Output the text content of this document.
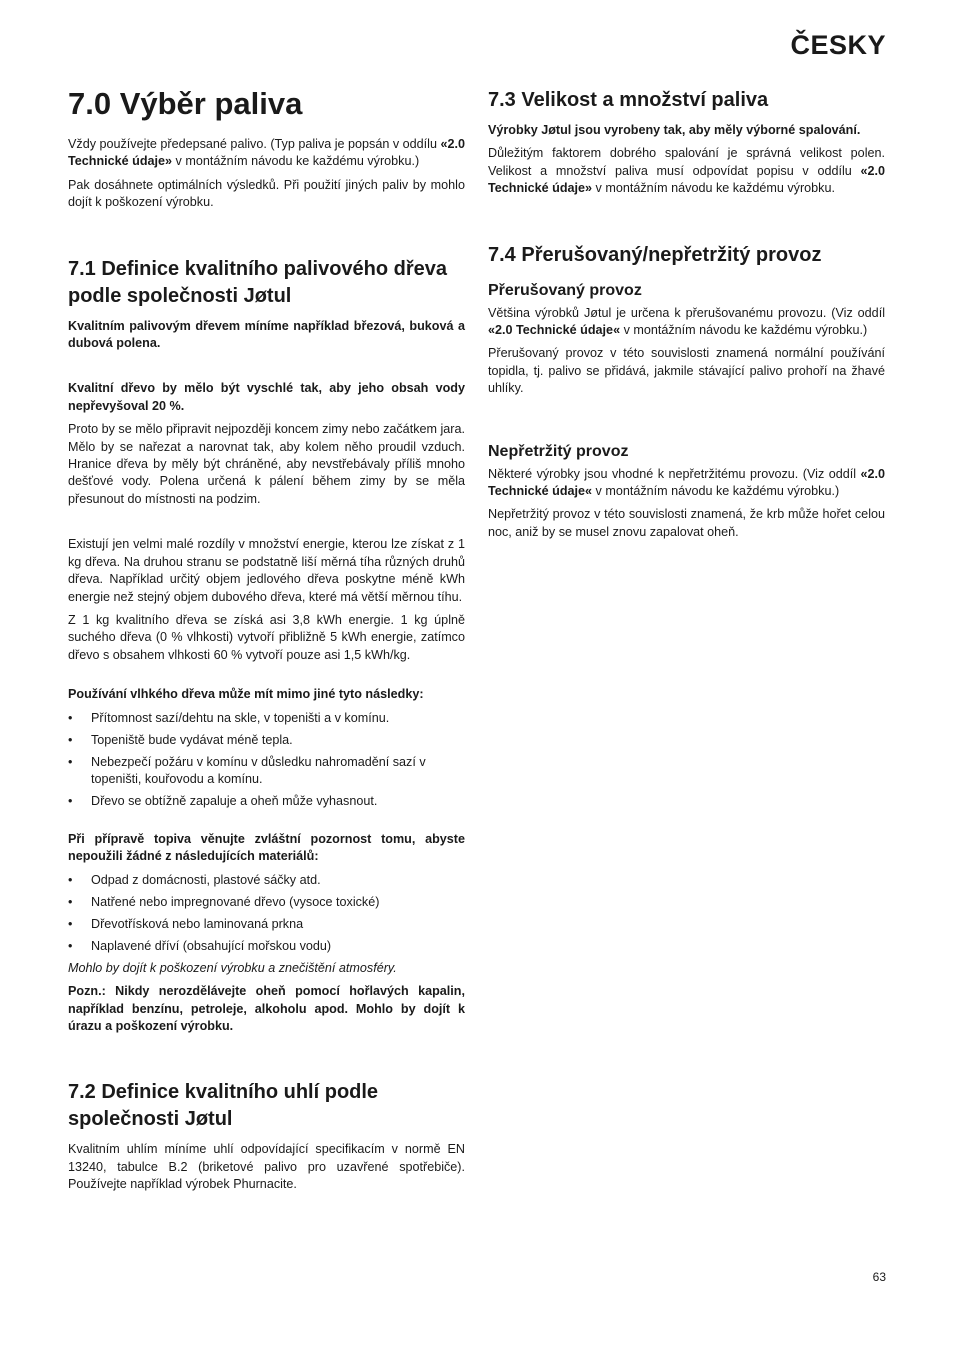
ČESKY
7.0 Výběr paliva

Vždy používejte předepsané palivo. (Typ paliva je popsán v oddílu «2.0 Technické údaje» v montážním návodu ke každému výrobku.)

Pak dosáhnete optimálních výsledků. Při použití jiných paliv by mohlo dojít k poškození výrobku.

7.1 Definice kvalitního palivového dřeva podle společnosti Jøtul

Kvalitním palivovým dřevem míníme například březová, buková a dubová polena.

Kvalitní dřevo by mělo být vyschlé tak, aby jeho obsah vody nepřevyšoval 20 %.

Proto by se mělo připravit nejpozději koncem zimy nebo začátkem jara. Mělo by se nařezat a narovnat tak, aby kolem něho proudil vzduch. Hranice dřeva by měly být chráněné, aby nevstřebávaly příliš mnoho dešťové vody. Polena určená k pálení během zimy by se měla přesunout do místnosti na podzim.

Existují jen velmi malé rozdíly v množství energie, kterou lze získat z 1 kg dřeva. Na druhou stranu se podstatně liší měrná tíha různých druhů dřeva. Například určitý objem jedlového dřeva poskytne méně kWh energie než stejný objem dubového dřeva, které má větší měrnou tíhu.

Z 1 kg kvalitního dřeva se získá asi 3,8 kWh energie. 1 kg úplně suchého dřeva (0 % vlhkosti) vytvoří přibližně 5 kWh energie, zatímco dřevo s obsahem vlhkosti 60 % vytvoří pouze asi 1,5 kWh/kg.

Používání vlhkého dřeva může mít mimo jiné tyto následky:

• Přítomnost sazí/dehtu na skle, v topeništi a v komínu.
• Topeniště bude vydávat méně tepla.
• Nebezpečí požáru v komínu v důsledku nahromadění sazí v topeništi, kouřovodu a komínu.
• Dřevo se obtížně zapaluje a oheň může vyhasnout.

Při přípravě topiva věnujte zvláštní pozornost tomu, abyste nepoužili žádné z následujících materiálů:

• Odpad z domácnosti, plastové sáčky atd.
• Natřené nebo impregnované dřevo (vysoce toxické)
• Dřevotřísková nebo laminovaná prkna
• Naplavené dříví (obsahující mořskou vodu)

Mohlo by dojít k poškození výrobku a znečištění atmosféry.

Pozn.: Nikdy nerozdělávejte oheň pomocí hořlavých kapalin, například benzínu, petroleje, alkoholu apod. Mohlo by dojít k úrazu a poškození výrobku.

7.2 Definice kvalitního uhlí podle společnosti Jøtul

Kvalitním uhlím míníme uhlí odpovídající specifikacím v normě EN 13240, tabulce B.2 (briketové palivo pro uzavřené spotřebiče). Používejte například výrobek Phurnacite.

7.3 Velikost a množství paliva

Výrobky Jøtul jsou vyrobeny tak, aby měly výborné spalování.

Důležitým faktorem dobrého spalování je správná velikost polen. Velikost a množství paliva musí odpovídat popisu v oddílu «2.0 Technické údaje» v montážním návodu ke každému výrobku.

7.4 Přerušovaný/nepřetržitý provoz
Přerušovaný provoz

Většina výrobků Jøtul je určena k přerušovanému provozu. (Viz oddíl «2.0 Technické údaje« v montážním návodu ke každému výrobku.)

Přerušovaný provoz v této souvislosti znamená normální používání topidla, tj. palivo se přidává, jakmile stávající palivo prohoří na žhavé uhlíky.

Nepřetržitý provoz

Některé výrobky jsou vhodné k nepřetržitému provozu. (Viz oddíl «2.0 Technické údaje« v montážním návodu ke každému výrobku.)

Nepřetržitý provoz v této souvislosti znamená, že krb může hořet celou noc, aniž by se musel znovu zapalovat oheň.

63
